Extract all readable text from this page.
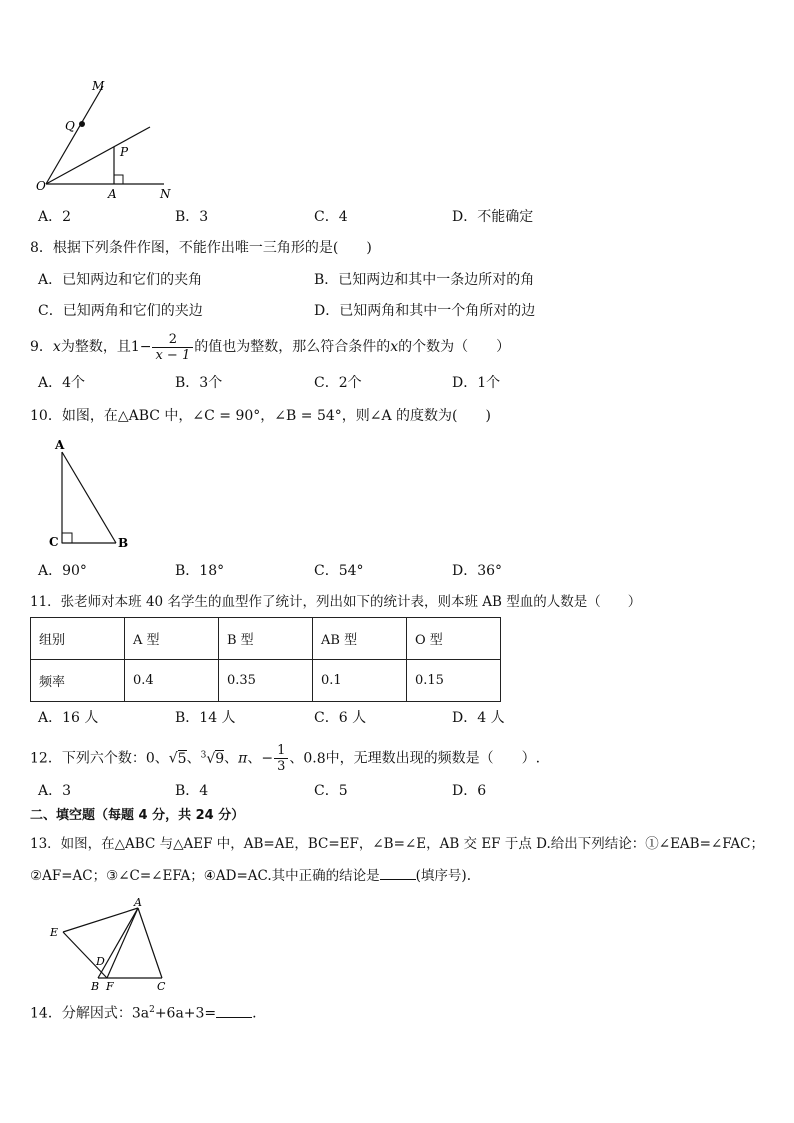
M
Q
P
O
A	N
A．2	B．3	C．4	D．不能确定
8．根据下列条件作图，不能作出唯一三角形的是(　　)
A．已知两边和它们的夹角	B．已知两边和其中一条边所对的角
C．已知两角和它们的夹边	D．已知两角和其中一个角所对的边
9．x为整数，且$1- \frac{2}{x - 1}$ 的值也为整数，那么符合条件的x的个数为（　　）
A．4个	B．3个	C．2个	D．1个
10．如图，在△ABC 中，∠C = 90°，∠B = 54°，则∠A 的度数为(　　)
A
C	B
A．90°	B．18°	C．54°	D．36°
11．张老师对本班 40 名学生的血型作了统计，列出如下的统计表，则本班 AB 型血的人数是（　　）
组别	A 型	B 型	AB 型	O 型
频率	0.4	0.35	0.1	0.15
A．16 人	B．14 人	C．6 人	D．4 人
12．下列六个数：0、√5、$^3$√9、π、− $\frac{1}{3}$ 、0.8中，无理数出现的频数是（　　）.
A．3	B．4	C．5	D．6
二、填空题（每题 4 分，共 24 分）
13．如图，在△ABC 与△AEF 中，AB=AE，BC=EF，∠B=∠E，AB 交 EF 于点 D.给出下列结论：①∠EAB=∠FAC；
②AF=AC；③∠C=∠EFA；④AD=AC.其中正确的结论是	(填序号).
A
E
D
B F	C
14．分解因式：$3a^2+6a+3=$	.
